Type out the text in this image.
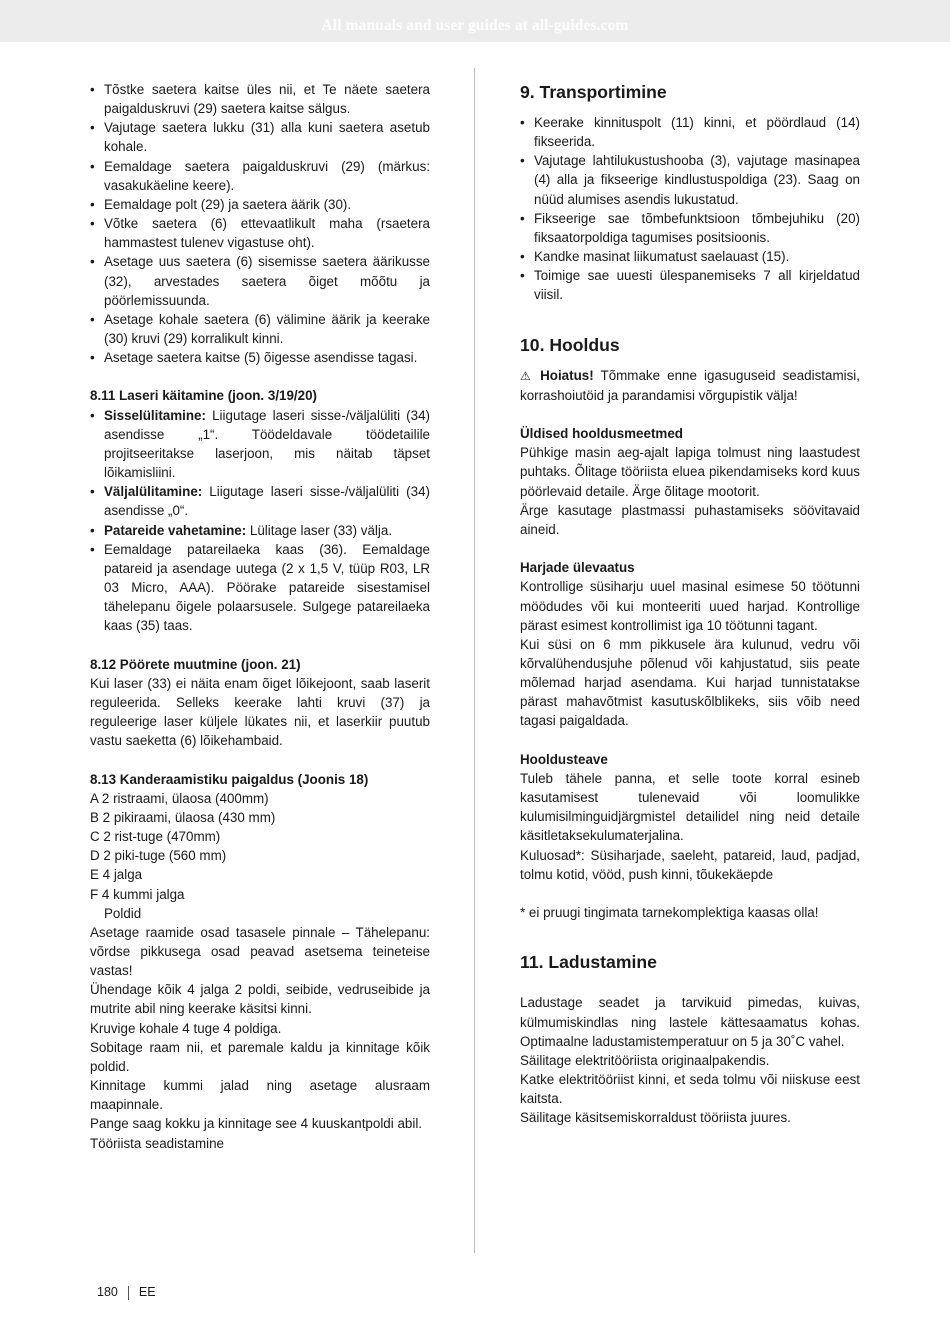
All manuals and user guides at all-guides.com
• Tõstke saetera kaitse üles nii, et Te näete saetera paigalduskruvi (29) saetera kaitse sälgus.
• Vajutage saetera lukku (31) alla kuni saetera asetub kohale.
• Eemaldage saetera paigalduskruvi (29) (märkus: vasakukäeline keere).
• Eemaldage polt (29) ja saetera äärik (30).
• Võtke saetera (6) ettevaatlikult maha (rsaetera hammastest tulenev vigastuse oht).
• Asetage uus saetera (6) sisemisse saetera äärikusse (32), arvestades saetera õiget mõõtu ja pöörlemissuunda.
• Asetage kohale saetera (6) välimine äärik ja keerake (30) kruvi (29) korralikult kinni.
• Asetage saetera kaitse (5) õigesse asendisse tagasi.

8.11 Laseri käitamine (joon. 3/19/20)

• Sisselülitamine: Liigutage laseri sisse-/väljalüliti (34) asendisse „1“. Töödeldavale töödetailile projitseeritakse laserjoon, mis näitab täpset lõikamisliini.
• Väljalülitamine: Liigutage laseri sisse-/väljalüliti (34) asendisse „0“.
• Patareide vahetamine: Lülitage laser (33) välja.
• Eemaldage patareilaeka kaas (36). Eemaldage patareid ja asendage uutega (2 x 1,5 V, tüüp R03, LR 03 Micro, AAA). Pöörake patareide sisestamisel tähelepanu õigele polaarsusele. Sulgege patareilaeka kaas (35) taas.

8.12 Pöörete muutmine (joon. 21)

Kui laser (33) ei näita enam õiget lõikejoont, saab laserit reguleerida. Selleks keerake lahti kruvi (37) ja reguleerige laser küljele lükates nii, et laserkiir puutub vastu saeketta (6) lõikehambaid.

8.13 Kanderaamistiku paigaldus (Joonis 18)

A 2 ristraami, ülaosa (400mm)

B 2 pikiraami, ülaosa (430 mm)

C 2 rist-tuge (470mm)

D 2 piki-tuge (560 mm)

E 4 jalga

F 4 kummi jalga

Poldid

Asetage raamide osad tasasele pinnale – Tähelepanu: võrdse pikkusega osad peavad asetsema teineteise vastas!

Ühendage kõik 4 jalga 2 poldi, seibide, vedruseibide ja mutrite abil ning keerake käsitsi kinni.

Kruvige kohale 4 tuge 4 poldiga.

Sobitage raam nii, et paremale kaldu ja kinnitage kõik poldid.

Kinnitage kummi jalad ning asetage alusraam maapinnale.

Pange saag kokku ja kinnitage see 4 kuuskantpoldi abil.

Tööriista seadistamine

9. Transportimine

• Keerake kinnituspolt (11) kinni, et pöördlaud (14) fikseerida.
• Vajutage lahtilukustushooba (3), vajutage masinapea (4) alla ja fikseerige kindlustuspoldiga (23). Saag on nüüd alumises asendis lukustatud.
• Fikseerige sae tõmbefunktsioon tõmbejuhiku (20) fiksaatorpoldiga tagumises positsioonis.
• Kandke masinat liikumatust saelauast (15).
• Toimige sae uuesti ülespanemiseks 7 all kirjeldatud viisil.

10. Hooldus

⚠ Hoiatus! Tõmmake enne igasuguseid seadistamisi, korrashoiutöid ja parandamisi võrgupistik välja!

Üldised hooldusmeetmed

Pühkige masin aeg-ajalt lapiga tolmust ning laastudest puhtaks. Õlitage tööriista eluea pikendamiseks kord kuus pöörlevaid detaile. Ärge õlitage mootorit.

Ärge kasutage plastmassi puhastamiseks söövitavaid aineid.

Harjade ülevaatus

Kontrollige süsiharju uuel masinal esimese 50 töötunni möödudes või kui monteeriti uued harjad. Kontrollige pärast esimest kontrollimist iga 10 töötunni tagant.

Kui süsi on 6 mm pikkusele ära kulunud, vedru või kõrvalühendusjuhe põlenud või kahjustatud, siis peate mõlemad harjad asendama. Kui harjad tunnistatakse pärast mahavõtmist kasutuskõlblikeks, siis võib need tagasi paigaldada.

Hooldusteave

Tuleb tähele panna, et selle toote korral esineb kasutamisest tulenevaid või loomulikke kulumisilminguidjärgmistel detailidel ning neid detaile käsitletaksekulumaterjalina.

Kuluosad*: Süsiharjade, saeleht, patareid, laud, padjad, tolmu kotid, vööd, push kinni, tõukekäepde

* ei pruugi tingimata tarnekomplektiga kaasas olla!

11. Ladustamine

Ladustage seadet ja tarvikuid pimedas, kuivas, külmumiskindlas ning lastele kättesaamatus kohas. Optimaalne ladustamistemperatuur on 5 ja 30˚C vahel.

Säilitage elektritööriista originaalpakendis.

Katke elektritööriist kinni, et seda tolmu või niiskuse eest kaitsta.

Säilitage käsitsemiskorraldust tööriista juures.

180 EE
